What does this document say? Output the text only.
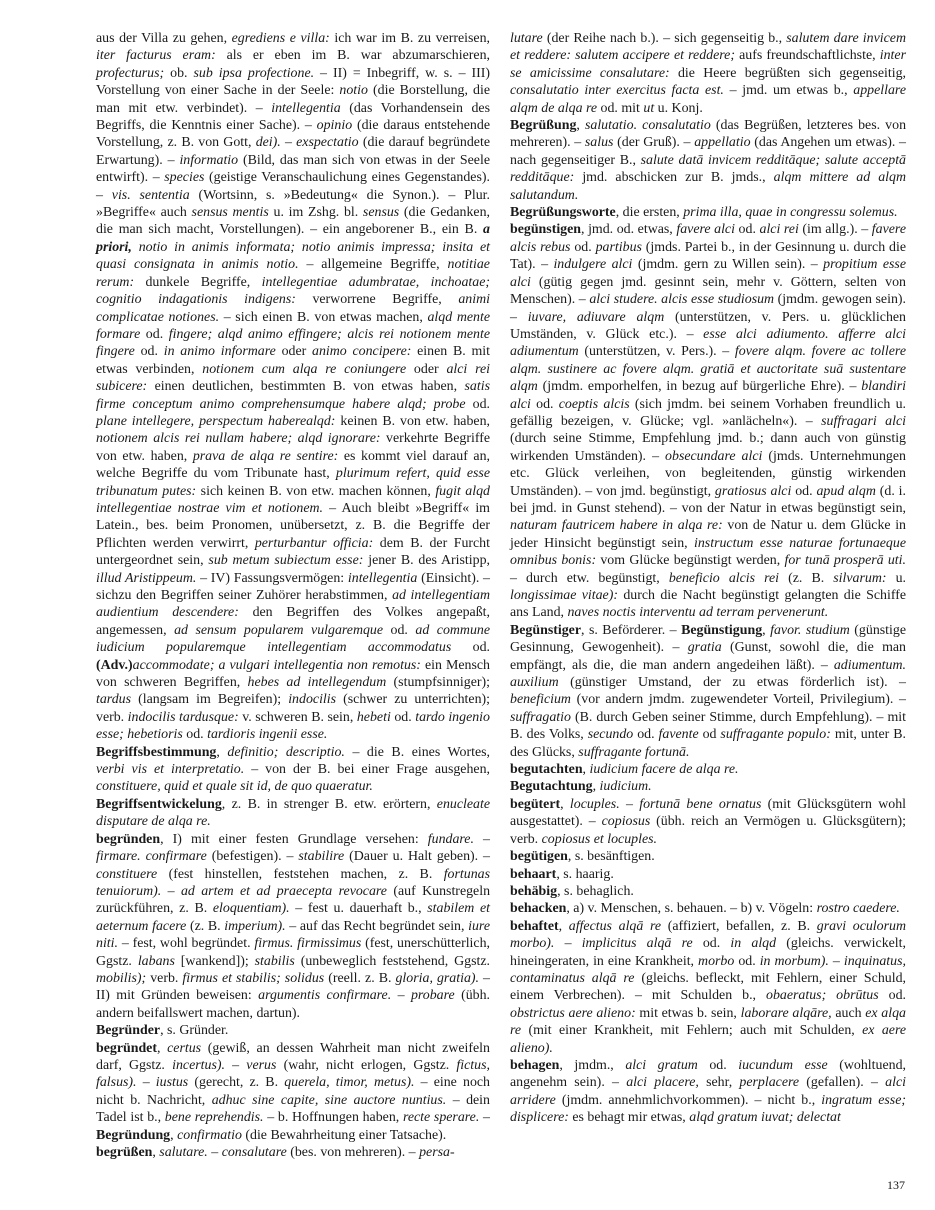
aus der Villa zu gehen, egrediens e villa: ich war im B. zu verreisen, iter facturus eram: als er eben im B. war abzumarschieren, profecturus; ob. sub ipsa profectione. – II) = Inbegriff, w. s. – III) Vorstellung von einer Sache in der Seele: notio (die Borstellung, die man mit etw. verbindet). – intellegentia (das Vorhandensein des Begriffs, die Kenntnis einer Sache). – opinio (die daraus entstehende Vorstellung, z. B. von Gott, dei). – exspectatio (die darauf begründete Erwartung). – informatio (Bild, das man sich von etwas in der Seele entwirft). – species (geistige Veranschaulichung eines Gegenstandes). – vis. sententia (Wortsinn, s. »Bedeutung« die Synon.). – Plur. »Begriffe« auch sensus mentis u. im Zshg. bl. sensus (die Gedanken, die man sich macht, Vorstellungen). – ein angeborener B., ein B. a priori, notio in animis informata; notio animis impressa; insita et quasi consignata in animis notio. – allgemeine Begriffe, notitiae rerum: dunkele Begriffe, intellegentiae adumbratae, inchoatae; cognitio indagationis indigens: verworrene Begriffe, animi complicatae notiones. – sich einen B. von etwas machen, alqd mente formare od. fingere; alqd animo effingere; alcis rei notionem mente fingere od. in animo informare oder animo concipere: einen B. mit etwas verbinden, notionem cum alqa re coniungere oder alci rei subicere: einen deutlichen, bestimmten B. von etwas haben, satis firme conceptum animo comprehensumque habere alqd; probe od. plane intellegere, perspectum haberealqd: keinen B. von etw. haben, notionem alcis rei nullam habere; alqd ignorare: verkehrte Begriffe von etw. haben, prava de alqa re sentire: es kommt viel darauf an, welche Begriffe du vom Tribunate hast, plurimum refert, quid esse tribunatum putes: sich keinen B. von etw. machen können, fugit alqd intellegentiae nostrae vim et notionem. – Auch bleibt »Begriff« im Latein., bes. beim Pronomen, unübersetzt, z. B. die Begriffe der Pflichten werden verwirrt, perturbantur officia: dem B. der Furcht untergeordnet sein, sub metum subiectum esse: jener B. des Aristipp, illud Aristippeum. – IV) Fassungsvermögen: intellegentia (Einsicht). – sichzu den Begriffen seiner Zuhörer herabstimmen, ad intellegentiam audientium descendere: den Begriffen des Volkes angepaßt, angemessen, ad sensum popularem vulgaremque od. ad commune iudicium popularemque intellegentiam accommodatus od. (Adv.)accommodate; a vulgari intellegentia non remotus: ein Mensch von schweren Begriffen, hebes ad intellegendum (stumpfsinniger); tardus (langsam im Begreifen); indocilis (schwer zu unterrichten); verb. indocilis tardusque: v. schweren B. sein, hebeti od. tardo ingenio esse; hebetioris od. tardioris ingenii esse.

Begriffsbestimmung, definitio; descriptio. – die B. eines Wortes, verbi vis et interpretatio. – von der B. bei einer Frage ausgehen, constituere, quid et quale sit id, de quo quaeratur.

Begriffsentwickelung, z. B. in strenger B. etw. erörtern, enucleate disputare de alqa re.

begründen, I) mit einer festen Grundlage versehen: fundare. – firmare. confirmare (befestigen). – stabilire (Dauer u. Halt geben). – constituere (fest hinstellen, feststehen machen, z. B. fortunas tenuiorum). – ad artem et ad praecepta revocare (auf Kunstregeln zurückführen, z. B. eloquentiam). – fest u. dauerhaft b., stabilem et aeternum facere (z. B. imperium). – auf das Recht begründet sein, iure niti. – fest, wohl begründet. firmus. firmissimus (fest, unerschütterlich, Ggstz. labans [wankend]); stabilis (unbeweglich feststehend, Ggstz. mobilis); verb. firmus et stabilis; solidus (reell. z. B. gloria, gratia). – II) mit Gründen beweisen: argumentis confirmare. – probare (übh. andern beifallswert machen, dartun).

Begründer, s. Gründer.

begründet, certus (gewiß, an dessen Wahrheit man nicht zweifeln darf, Ggstz. incertus). – verus (wahr, nicht erlogen, Ggstz. fictus, falsus). – iustus (gerecht, z. B. querela, timor, metus). – eine noch nicht b. Nachricht, adhuc sine capite, sine auctore nuntius. – dein Tadel ist b., bene reprehendis. – b. Hoffnungen haben, recte sperare. – Begründung, confirmatio (die Bewahrheitung einer Tatsache).

begrüßen, salutare. – consalutare (bes. von mehreren). – persa-

lutare (der Reihe nach b.). – sich gegenseitig b., salutem dare invicem et reddere: salutem accipere et reddere; aufs freundschaftlichste, inter se amicissime consalutare: die Heere begrüßten sich gegenseitig, consalutatio inter exercitus facta est. – jmd. um etwas b., appellare alqm de alqa re od. mit ut u. Konj.

Begrüßung, salutatio. consalutatio (das Begrüßen, letzteres bes. von mehreren). – salus (der Gruß). – appellatio (das Angehen um etwas). – nach gegenseitiger B., salute datā invicem redditāque; salute acceptā redditāque: jmd. abschicken zur B. jmds., alqm mittere ad alqm salutandum.

Begrüßungsworte, die ersten, prima illa, quae in congressu solemus.

begünstigen, jmd. od. etwas, favere alci od. alci rei (im allg.). – favere alcis rebus od. partibus (jmds. Partei b., in der Gesinnung u. durch die Tat). – indulgere alci (jmdm. gern zu Willen sein). – propitium esse alci (gütig gegen jmd. gesinnt sein, mehr v. Göttern, selten von Menschen). – alci studere. alcis esse studiosum (jmdm. gewogen sein). – iuvare, adiuvare alqm (unterstützen, v. Pers. u. glücklichen Umständen, v. Glück etc.). – esse alci adiumento. afferre alci adiumentum (unterstützen, v. Pers.). – fovere alqm. fovere ac tollere alqm. sustinere ac fovere alqm. gratiā et auctoritate suā sustentare alqm (jmdm. emporhelfen, in bezug auf bürgerliche Ehre). – blandiri alci od. coeptis alcis (sich jmdm. bei seinem Vorhaben freundlich u. gefällig bezeigen, v. Glücke; vgl. »anlächeln«). – suffragari alci (durch seine Stimme, Empfehlung jmd. b.; dann auch von günstig wirkenden Umständen). – obsecundare alci (jmds. Unternehmungen etc. Glück verleihen, von begleitenden, günstig wirkenden Umständen). – von jmd. begünstigt, gratiosus alci od. apud alqm (d. i. bei jmd. in Gunst stehend). – von der Natur in etwas begünstigt sein, naturam fautricem habere in alqa re: von de Natur u. dem Glücke in jeder Hinsicht begünstigt sein, instructum esse naturae fortunaeque omnibus bonis: vom Glücke begünstigt werden, for tunā prosperā uti. – durch etw. begünstigt, beneficio alcis rei (z. B. silvarum: u. longissimae vitae): durch die Nacht begünstigt gelangten die Schiffe ans Land, naves noctis interventu ad terram pervenerunt.

Begünstiger, s. Beförderer. – Begünstigung, favor. studium (günstige Gesinnung, Gewogenheit). – gratia (Gunst, sowohl die, die man empfängt, als die, die man andern angedeihen läßt). – adiumentum. auxilium (günstiger Umstand, der zu etwas förderlich ist). – beneficium (vor andern jmdm. zugewendeter Vorteil, Privilegium). – suffragatio (B. durch Geben seiner Stimme, durch Empfehlung). – mit B. des Volks, secundo od. favente od suffragante populo: mit, unter B. des Glücks, suffragante fortunā.

begutachten, iudicium facere de alqa re.

Begutachtung, iudicium.

begütert, locuples. – fortunā bene ornatus (mit Glücksgütern wohl ausgestattet). – copiosus (übh. reich an Vermögen u. Glücksgütern); verb. copiosus et locuples.

begütigen, s. besänftigen.

behaart, s. haarig.

behäbig, s. behaglich.

behacken, a) v. Menschen, s. behauen. – b) v. Vögeln: rostro caedere.

behaftet, affectus alqā re (affiziert, befallen, z. B. gravi oculorum morbo). – implicitus alqā re od. in alqd (gleichs. verwickelt, hineingeraten, in eine Krankheit, morbo od. in morbum). – inquinatus, contaminatus alqā re (gleichs. befleckt, mit Fehlern, einer Schuld, einem Verbrechen). – mit Schulden b., obaeratus; obrūtus od. obstrictus aere alieno: mit etwas b. sein, laborare alqāre, auch ex alqa re (mit einer Krankheit, mit Fehlern; auch mit Schulden, ex aere alieno).

behagen, jmdm., alci gratum od. iucundum esse (wohltuend, angenehm sein). – alci placere, sehr, perplacere (gefallen). – alci arridere (jmdm. annehmlichvorkommen). – nicht b., ingratum esse; displicere: es behagt mir etwas, alqd gratum iuvat; delectat

137
